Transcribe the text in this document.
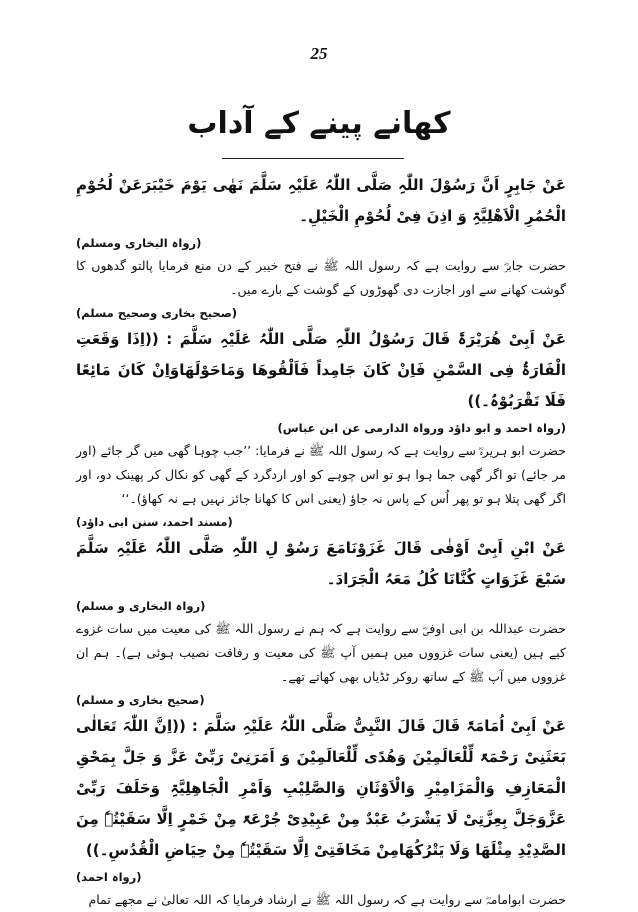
25
کھانے پینے کے آداب

عَنْ جَابِرٍ اَنَّ رَسُوْلَ اللّٰہِ صَلَّی اللّٰہُ عَلَیْہِ سَلَّمَ نَھٰی یَوْمَ خَیْبَرَعَنْ لُحُوْمِ الْحُمُرِ الْاَھْلِیَّۃِ وَ اذِنَ فِیْ لُحُوْمِ الْخَیْلِ۔

(رواہ البخاری ومسلم)

حضرت جابرؓ سے روایت ہے کہ رسول اللہ ﷺ نے فتح خیبر کے دن منع فرمایا پالتو گدھوں کا گوشت کھانے سے اور اجازت دی گھوڑوں کے گوشت کے بارے میں۔

(صحیح بخاری وصحیح مسلم)

عَنْ اَبِیْ ھُرَیْرَۃَ قَالَ رَسُوْلُ اللّٰہِ صَلَّی اللّٰہُ عَلَیْہِ سَلَّمَ : ((اِذَا وَقَعَتِ الْفَارَۃُ فِی السَّمْنِ فَاِنْ کَانَ جَامِداً فَاَلْقُوھَا وَمَاحَوْلَھَاوَاِنْ کَانَ مَائِعًا فَلَا تَقْرَبُوْہُ۔))

(رواہ احمد و ابو داؤد ورواہ الدارمی عن ابن عباس)

حضرت ابو ہریرہؓ سے روایت ہے کہ رسول اللہ ﷺ نے فرمایا: ’’جب چوہا گھی میں گر جائے (اور مر جائے) تو اگر گھی جما ہوا ہو تو اس چوہے کو اور اردگرد کے گھی کو نکال کر پھینک دو، اور اگر گھی پتلا ہو تو پھر اُس کے پاس نہ جاؤ (یعنی اس کا کھانا جائز نہیں ہے نہ کھاؤ)۔‘‘

(مسند احمد، سنن ابی داؤد)

عَنْ ابْنِ اَبِیْ اَوْفٰی قَالَ غَزَوْنَامَعَ رَسُوْ لِ اللّٰہِ صَلَّی اللّٰہُ عَلَیْہِ سَلَّمَ سَبْعَ غَزَوَاتٍ کُنَّانَا کُلُ مَعَہُ الْجَرَادَ۔

(رواہ البخاری و مسلم)

حضرت عبداللہ بن ابی اوفیؓ سے روایت ہے کہ ہم نے رسول اللہ ﷺ کی معیت میں سات غزوے کیے ہیں (یعنی سات غزووں میں ہمیں آپ ﷺ کی معیت و رفاقت نصیب ہوئی ہے)۔ ہم ان غزووں میں آپ ﷺ کے ساتھ روکر ٹڈیاں بھی کھاتے تھے۔

(صحیح بخاری و مسلم)

عَنْ اَبِیْ اُمَامَۃَ قَالَ قَالَ النَّبِیُّ صَلَّی اللّٰہُ عَلَیْہِ سَلَّمَ : ((اِنَّ اللّٰہَ تَعَالٰی بَعَثَنِیْ رَحْمَۃً لِّلْعَالَمِیْنَ وَھُدًی لِّلْعَالَمِیْنَ وَ اَمَرَنِیْ رَبِّیْ عَزَّ وَ جَلَّ بِمَحْقِ الْمَعَازِفِ وَالْمَزَامِیْرِ وَالْاَوْثَانِ وَالصَّلِیْبِ وَاَمْرِ الْجَاھِلِیَّۃِ وَحَلَفَ رَبِّیْ عَزَّوَجَلَّ بِعِزَّتِیْ لَا یَشْرَبُ عَبْدٌ مِنْ عَبِیْدِیْ جُرْعَۃً مِنْ خَمْرٍ اِلَّا سَقَیْتُہٗ مِنَ الصَّدِیْدِ مِثْلَھَا وَلَا یَتْرُکُھَامِنْ مَخَافَتِیْ اِلَّا سَقَیْتُہٗ مِنْ حِیَاضِ الْقُدُسِ۔))

(رواہ احمد)

حضرت ابوامامہؓ سے روایت ہے کہ رسول اللہ ﷺ نے ارشاد فرمایا کہ اللہ تعالیٰ نے مجھے تمام
